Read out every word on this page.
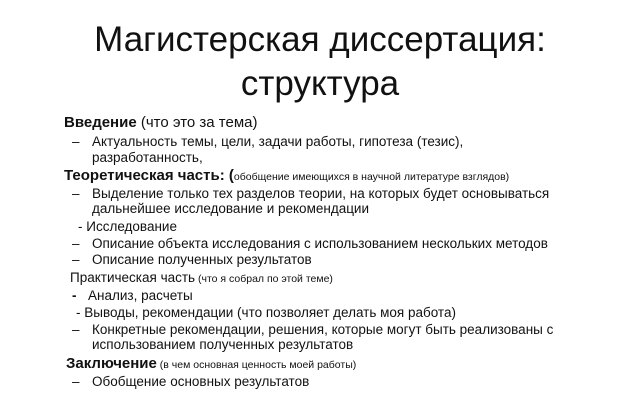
Магистерская диссертация:
структура
Введение (что это за тема)
– Актуальность темы, цели, задачи работы, гипотеза (тезис),
разработанность,
Теоретическая часть: (обобщение имеющихся в научной литературе взглядов)
– Выделение только тех разделов теории, на которых будет основываться
дальнейшее исследование и рекомендации
- Исследование
– Описание объекта исследования с использованием нескольких методов
– Описание полученных результатов
Практическая часть (что я собрал по этой теме)
- Анализ, расчеты
- Выводы, рекомендации (что позволяет делать моя работа)
– Конкретные рекомендации, решения, которые могут быть реализованы с
использованием полученных результатов
Заключение (в чем основная ценность моей работы)
– Обобщение основных результатов
